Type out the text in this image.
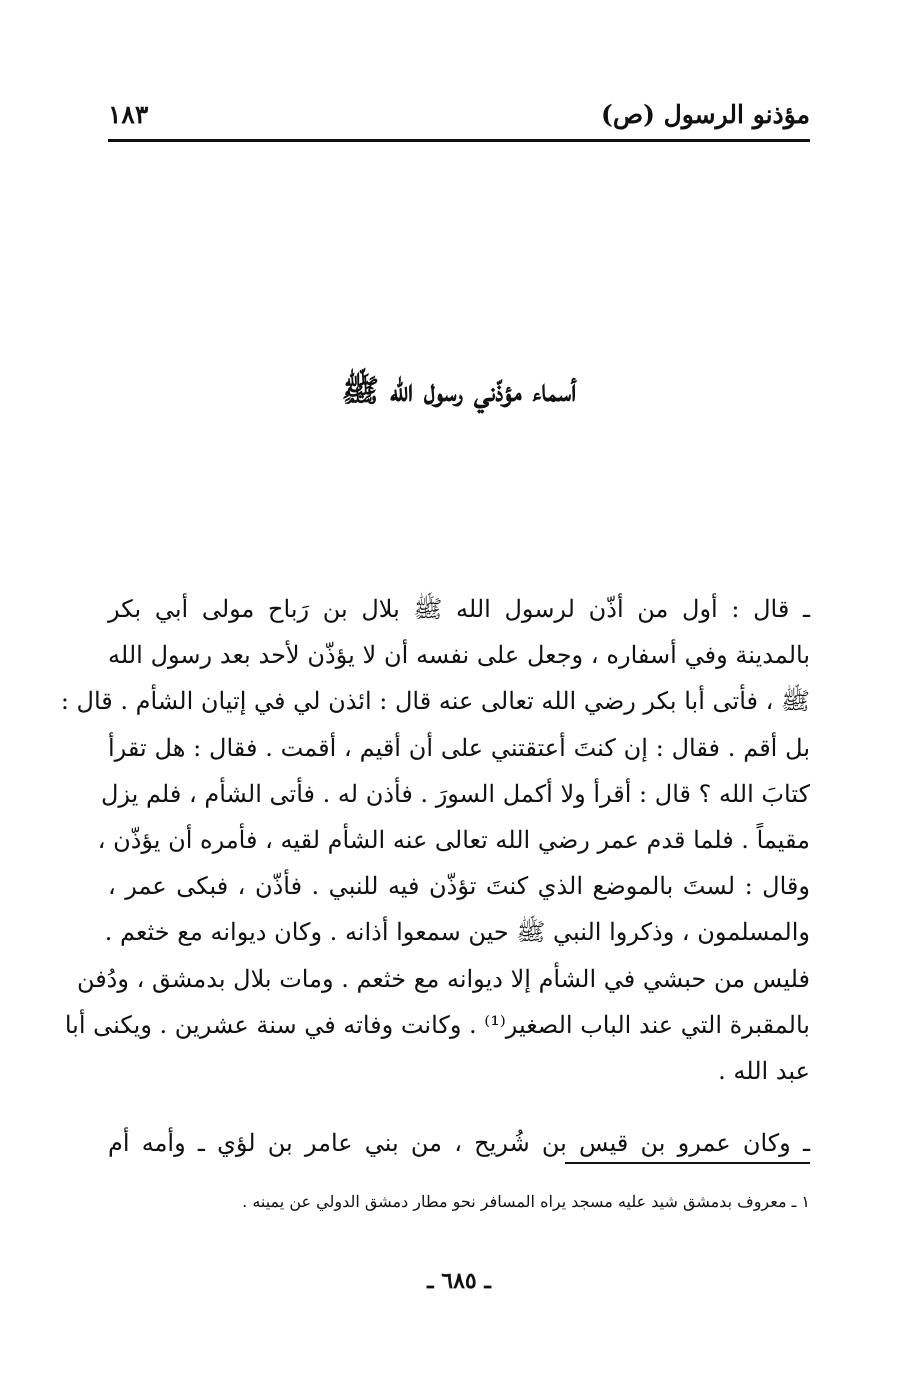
مؤذنو الرسول (ص)
١٨٣
أسماء مؤذّني رسول الله ﷺ
ـ قال : أول من أذّن لرسول الله ﷺ بلال بن رَباح مولى أبي بكر
بالمدينة وفي أسفاره ، وجعل على نفسه أن لا يؤذّن لأحد بعد رسول الله
ﷺ ، فأتى أبا بكر رضي الله تعالى عنه قال : ائذن لي في إتيان الشأم . قال :
بل أقم . فقال : إن كنتَ أعتقتني على أن أقيم ، أقمت . فقال : هل تقرأ
كتابَ الله ؟ قال : أقرأ ولا أكمل السورَ . فأذن له . فأتى الشأم ، فلم يزل
مقيماً . فلما قدم عمر رضي الله تعالى عنه الشأم لقيه ، فأمره أن يؤذّن ،
وقال : لستَ بالموضع الذي كنتَ تؤذّن فيه للنبي . فأذّن ، فبكى عمر ،
والمسلمون ، وذكروا النبي ﷺ حين سمعوا أذانه . وكان ديوانه مع خثعم .
فليس من حبشي في الشأم إلا ديوانه مع خثعم . ومات بلال بدمشق ، ودُفن
بالمقبرة التي عند الباب الصغير⁽¹⁾ . وكانت وفاته في سنة عشرين . ويكنى أبا
عبد الله .
ـ وكان عمرو بن قيس بن شُريح ، من بني عامر بن لؤي ـ وأمه أم
١ ـ معروف بدمشق شيد عليه مسجد يراه المسافر نحو مطار دمشق الدولي عن يمينه .
ـ ٦٨٥ ـ
